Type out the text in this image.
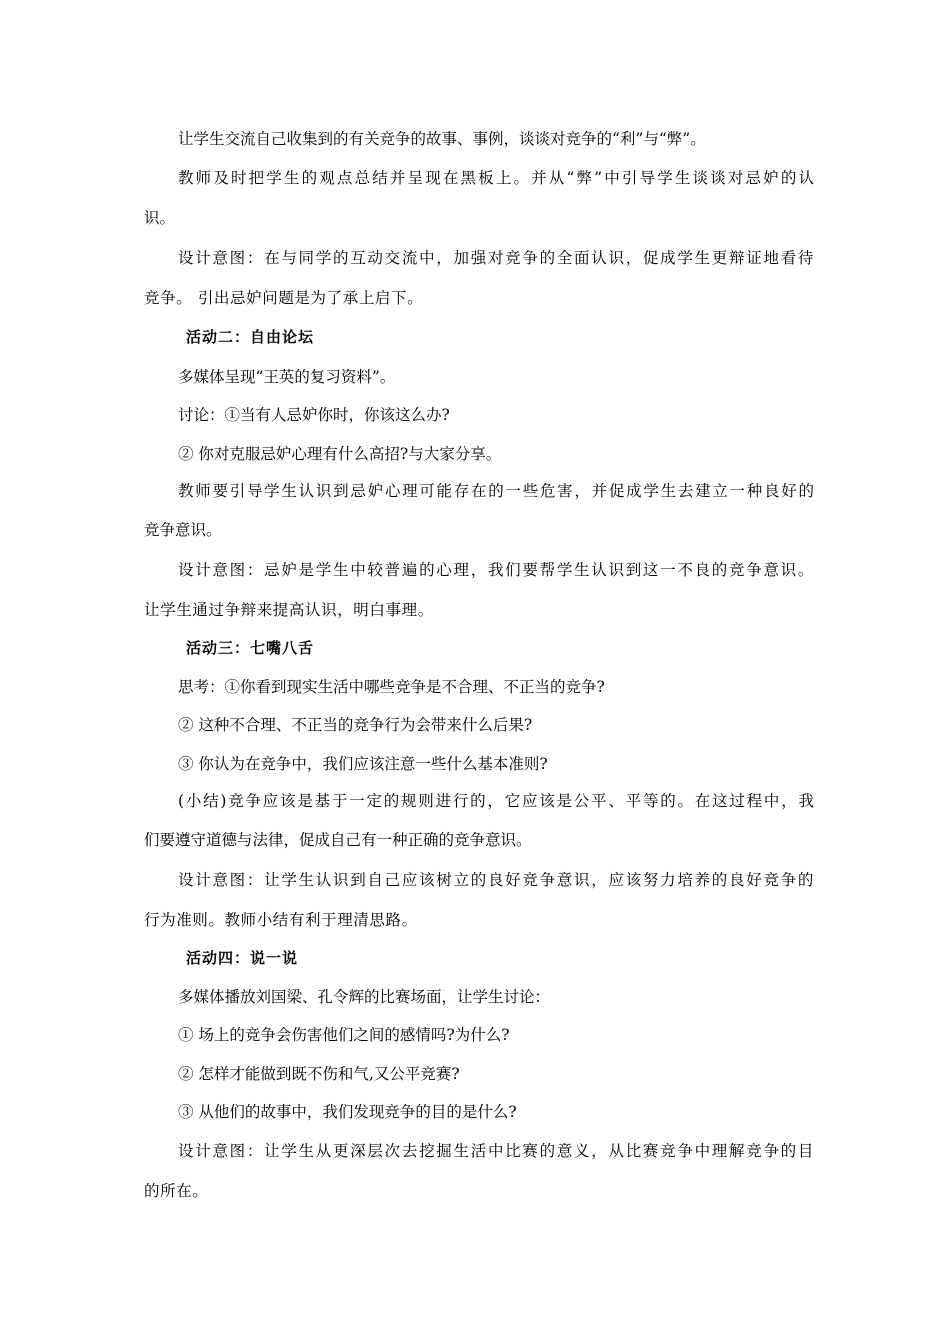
让学生交流自己收集到的有关竞争的故事、事例，谈谈对竞争的“利”与“弊”。
教师及时把学生的观点总结并呈现在黑板上。并从“弊”中引导学生谈谈对忌妒的认
识。
设计意图：在与同学的互动交流中，加强对竞争的全面认识，促成学生更辩证地看待
竞争。 引出忌妒问题是为了承上启下。
活动二：自由论坛
多媒体呈现“王英的复习资料”。
讨论：①当有人忌妒你时，你该这么办?
② 你对克服忌妒心理有什么高招?与大家分享。
教师要引导学生认识到忌妒心理可能存在的一些危害，并促成学生去建立一种良好的
竞争意识。
设计意图：忌妒是学生中较普遍的心理，我们要帮学生认识到这一不良的竞争意识。
让学生通过争辩来提高认识，明白事理。
活动三：七嘴八舌
思考：①你看到现实生活中哪些竞争是不合理、不正当的竞争?
② 这种不合理、不正当的竞争行为会带来什么后果?
③ 你认为在竞争中，我们应该注意一些什么基本准则?
(小结)竞争应该是基于一定的规则进行的，它应该是公平、平等的。在这过程中，我
们要遵守道德与法律，促成自己有一种正确的竞争意识。
设计意图：让学生认识到自己应该树立的良好竞争意识，应该努力培养的良好竞争的
行为准则。教师小结有利于理清思路。
活动四：说一说
多媒体播放刘国梁、孔令辉的比赛场面，让学生讨论：
① 场上的竞争会伤害他们之间的感情吗?为什么?
② 怎样才能做到既不伤和气,又公平竞赛?
③ 从他们的故事中，我们发现竞争的目的是什么?
设计意图：让学生从更深层次去挖掘生活中比赛的意义，从比赛竞争中理解竞争的目
的所在。
